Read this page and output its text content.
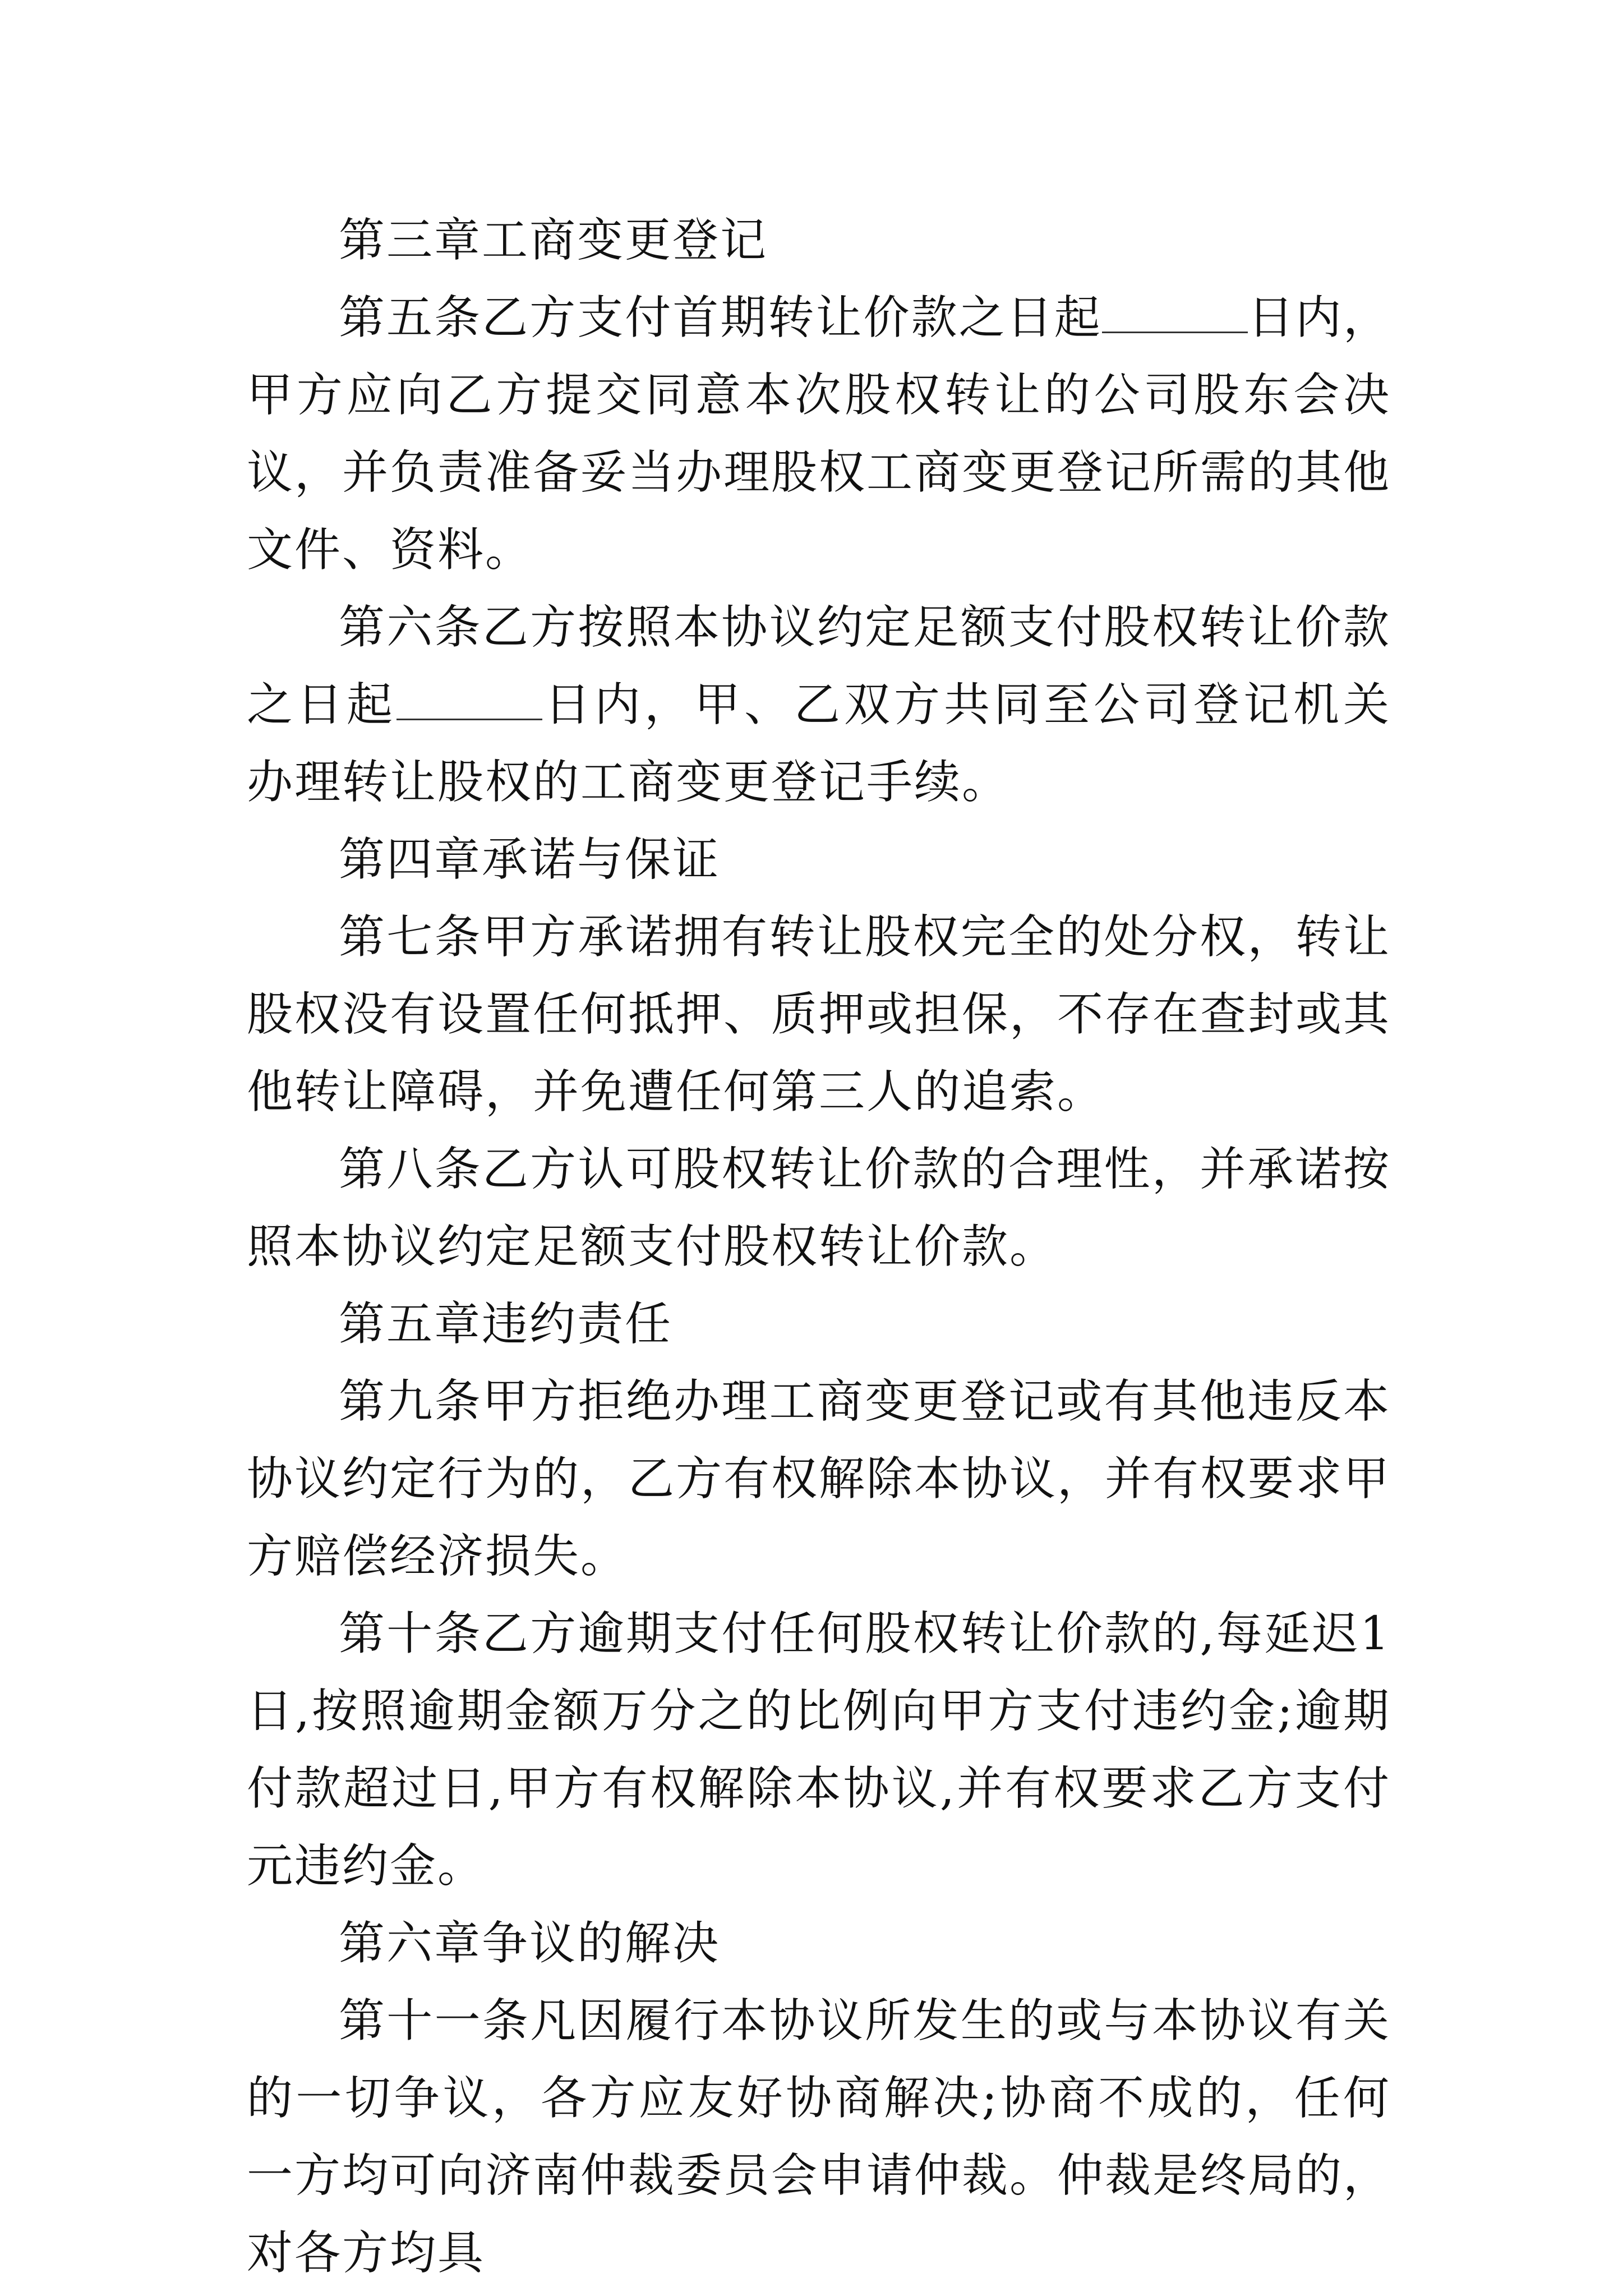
第三章工商变更登记

第五条乙方支付首期转让价款之日起	日内，甲方应向乙方提交同意本次股权转让的公司股东会决议，并负责准备妥当办理股权工商变更登记所需的其他文件、资料。

第六条乙方按照本协议约定足额支付股权转让价款之日起	日内，甲、乙双方共同至公司登记机关办理转让股权的工商变更登记手续。

第四章承诺与保证

第七条甲方承诺拥有转让股权完全的处分权，转让股权没有设置任何抵押、质押或担保，不存在查封或其他转让障碍，并免遭任何第三人的追索。

第八条乙方认可股权转让价款的合理性，并承诺按照本协议约定足额支付股权转让价款。

第五章违约责任

第九条甲方拒绝办理工商变更登记或有其他违反本协议约定行为的，乙方有权解除本协议，并有权要求甲方赔偿经济损失。

第十条乙方逾期支付任何股权转让价款的,每延迟1日,按照逾期金额万分之的比例向甲方支付违约金;逾期付款超过日,甲方有权解除本协议,并有权要求乙方支付元违约金。

第六章争议的解决

第十一条凡因履行本协议所发生的或与本协议有关的一切争议，各方应友好协商解决;协商不成的，任何一方均可向济南仲裁委员会申请仲裁。仲裁是终局的，对各方均具
